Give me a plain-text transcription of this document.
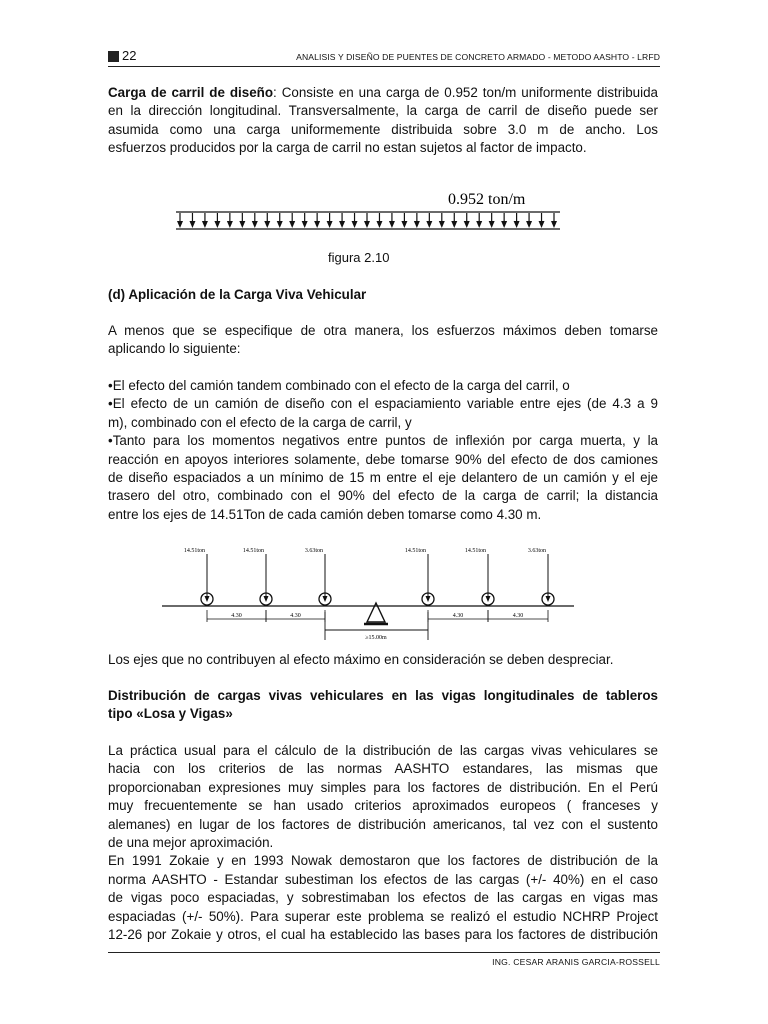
22	ANALISIS Y DISEÑO DE PUENTES DE CONCRETO ARMADO - METODO AASHTO - LRFD
Carga de carril de diseño: Consiste en una carga de 0.952 ton/m uniformente distribuida
en la dirección longitudinal. Transversalmente, la carga de carril de diseño puede ser
asumida como una carga uniformemente distribuida sobre 3.0 m de ancho. Los
esfuerzos producidos por la carga de carril no estan sujetos al factor de impacto.
0.952 ton/m
figura 2.10
(d) Aplicación de la Carga Viva Vehicular
A menos que se especifique de otra manera, los esfuerzos máximos deben tomarse
aplicando lo siguiente:
•El efecto del camión tandem combinado con el efecto de la carga del carril, o
•El efecto de un camión de diseño con el espaciamiento variable entre ejes (de 4.3 a 9
m), combinado con el efecto de la carga de carril, y
•Tanto para los momentos negativos entre puntos de inflexión por carga muerta, y la
reacción en apoyos interiores solamente, debe tomarse 90% del efecto de dos camiones
de diseño espaciados a un mínimo de 15 m entre el eje delantero de un camión y el eje
trasero del otro, combinado con el 90% del efecto de la carga de carril; la distancia
entre los ejes de 14.51Ton de cada camión deben tomarse como 4.30 m.
14.51ton	14.51ton	3.63ton	14.51ton	14.51ton	3.63ton
4.30	4.30	4.30	4.30
≥15.00m
Los ejes que no contribuyen al efecto máximo en consideración se deben despreciar.
Distribución de cargas vivas vehiculares en las vigas longitudinales de tableros
tipo «Losa y Vigas»
La práctica usual para el cálculo de la distribución de las cargas vivas vehiculares se
hacia con los criterios de las normas AASHTO estandares, las mismas que
proporcionaban expresiones muy simples para los factores de distribución. En el Perú
muy frecuentemente se han usado criterios aproximados europeos ( franceses y
alemanes) en lugar de los factores de distribución americanos, tal vez con el sustento
de una mejor aproximación.
En 1991 Zokaie y en 1993 Nowak demostaron que los factores de distribución de la
norma AASHTO - Estandar subestiman los efectos de las cargas (+/- 40%) en el caso
de vigas poco espaciadas, y sobrestimaban los efectos de las cargas en vigas mas
espaciadas (+/- 50%). Para superar este problema se realizó el estudio NCHRP Project
12-26 por Zokaie y otros, el cual ha establecido las bases para los factores de distribución
ING. CESAR ARANIS GARCIA-ROSSELL
